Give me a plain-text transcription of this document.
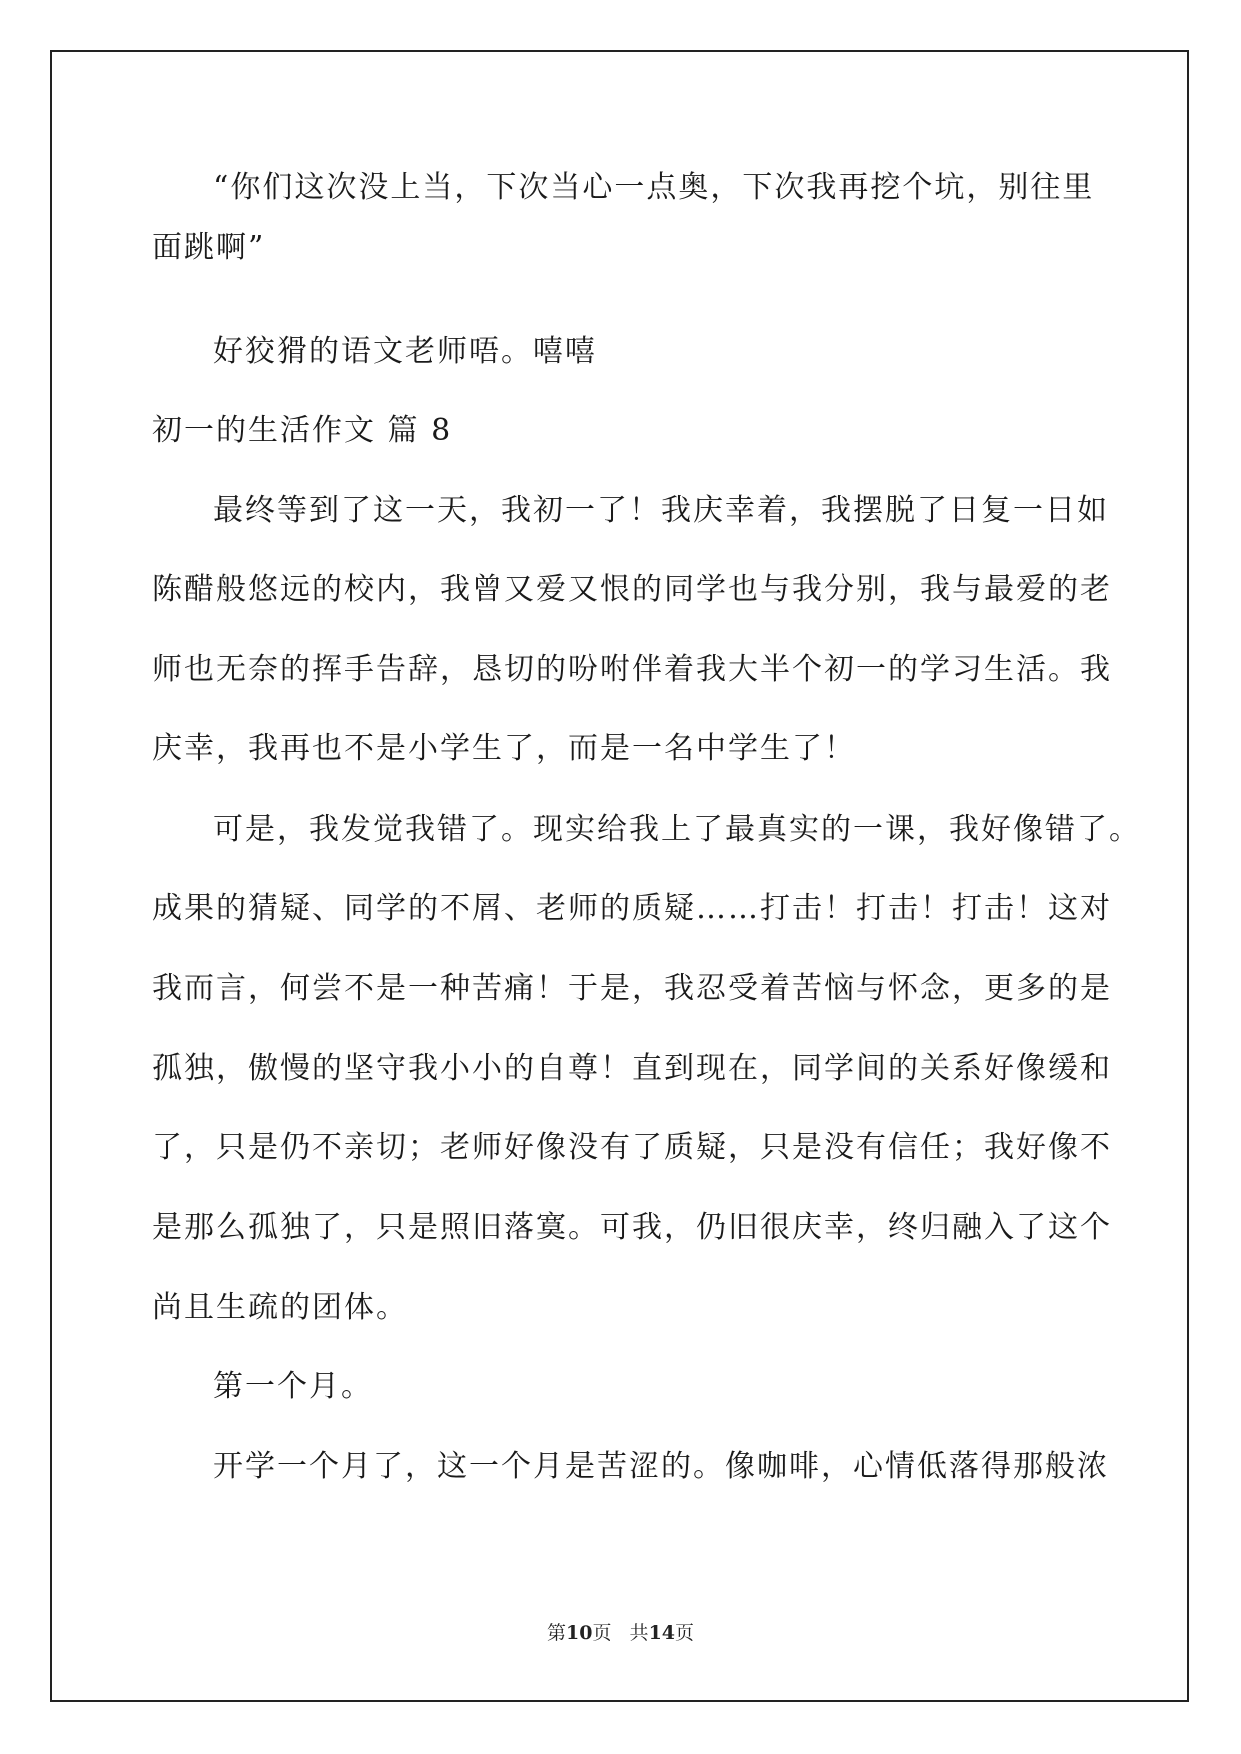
“你们这次没上当，下次当心一点奥，下次我再挖个坑，别往里
面跳啊”
好狡猾的语文老师唔。嘻嘻
初一的生活作文 篇 8
最终等到了这一天，我初一了！我庆幸着，我摆脱了日复一日如
陈醋般悠远的校内，我曾又爱又恨的同学也与我分别，我与最爱的老
师也无奈的挥手告辞，恳切的吩咐伴着我大半个初一的学习生活。我
庆幸，我再也不是小学生了，而是一名中学生了！
可是，我发觉我错了。现实给我上了最真实的一课，我好像错了。
成果的猜疑、同学的不屑、老师的质疑……打击！打击！打击！这对
我而言，何尝不是一种苦痛！于是，我忍受着苦恼与怀念，更多的是
孤独，傲慢的坚守我小小的自尊！直到现在，同学间的关系好像缓和
了，只是仍不亲切；老师好像没有了质疑，只是没有信任；我好像不
是那么孤独了，只是照旧落寞。可我，仍旧很庆幸，终归融入了这个
尚且生疏的团体。
第一个月。
开学一个月了，这一个月是苦涩的。像咖啡，心情低落得那般浓
第10页   共14页
